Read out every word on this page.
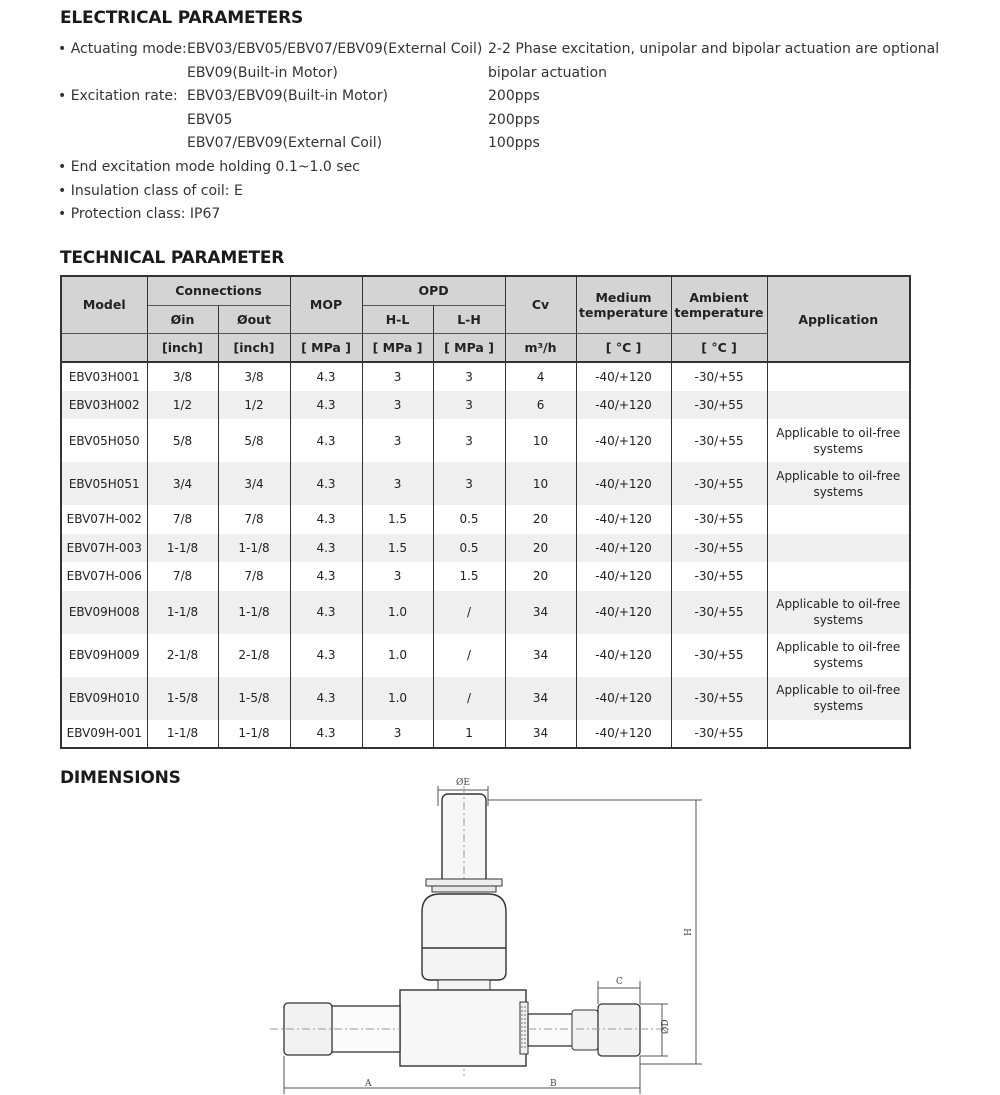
ELECTRICAL PARAMETERS
• Actuating mode: EBV03/EBV05/EBV07/EBV09(External Coil) 2-2 Phase excitation, unipolar and bipolar actuation are optional
EBV09(Built-in Motor)	bipolar actuation
• Excitation rate: EBV03/EBV09(Built-in Motor)	200pps
EBV05	200pps
EBV07/EBV09(External Coil)	100pps
• End excitation mode holding 0.1~1.0 sec
• Insulation class of coil: E
• Protection class: IP67
TECHNICAL PARAMETER
Model	Connections		MOP	OPD		Cv	Medium temperature	Ambient temperature	Application
	Øin	Øout		H-L	L-H				
	[inch]	[inch]	[ MPa ]	[ MPa ]	[ MPa ]	m³/h	[ °C ]	[ °C ]	
EBV03H001	3/8	3/8	4.3	3	3	4	-40/+120	-30/+55	
EBV03H002	1/2	1/2	4.3	3	3	6	-40/+120	-30/+55	
EBV05H050	5/8	5/8	4.3	3	3	10	-40/+120	-30/+55	Applicable to oil-free systems
EBV05H051	3/4	3/4	4.3	3	3	10	-40/+120	-30/+55	Applicable to oil-free systems
EBV07H-002	7/8	7/8	4.3	1.5	0.5	20	-40/+120	-30/+55	
EBV07H-003	1-1/8	1-1/8	4.3	1.5	0.5	20	-40/+120	-30/+55	
EBV07H-006	7/8	7/8	4.3	3	1.5	20	-40/+120	-30/+55	
EBV09H008	1-1/8	1-1/8	4.3	1.0	/	34	-40/+120	-30/+55	Applicable to oil-free systems
EBV09H009	2-1/8	2-1/8	4.3	1.0	/	34	-40/+120	-30/+55	Applicable to oil-free systems
EBV09H010	1-5/8	1-5/8	4.3	1.0	/	34	-40/+120	-30/+55	Applicable to oil-free systems
EBV09H-001	1-1/8	1-1/8	4.3	3	1	34	-40/+120	-30/+55	
DIMENSIONS	ØE
C
ØD
H
A	B
